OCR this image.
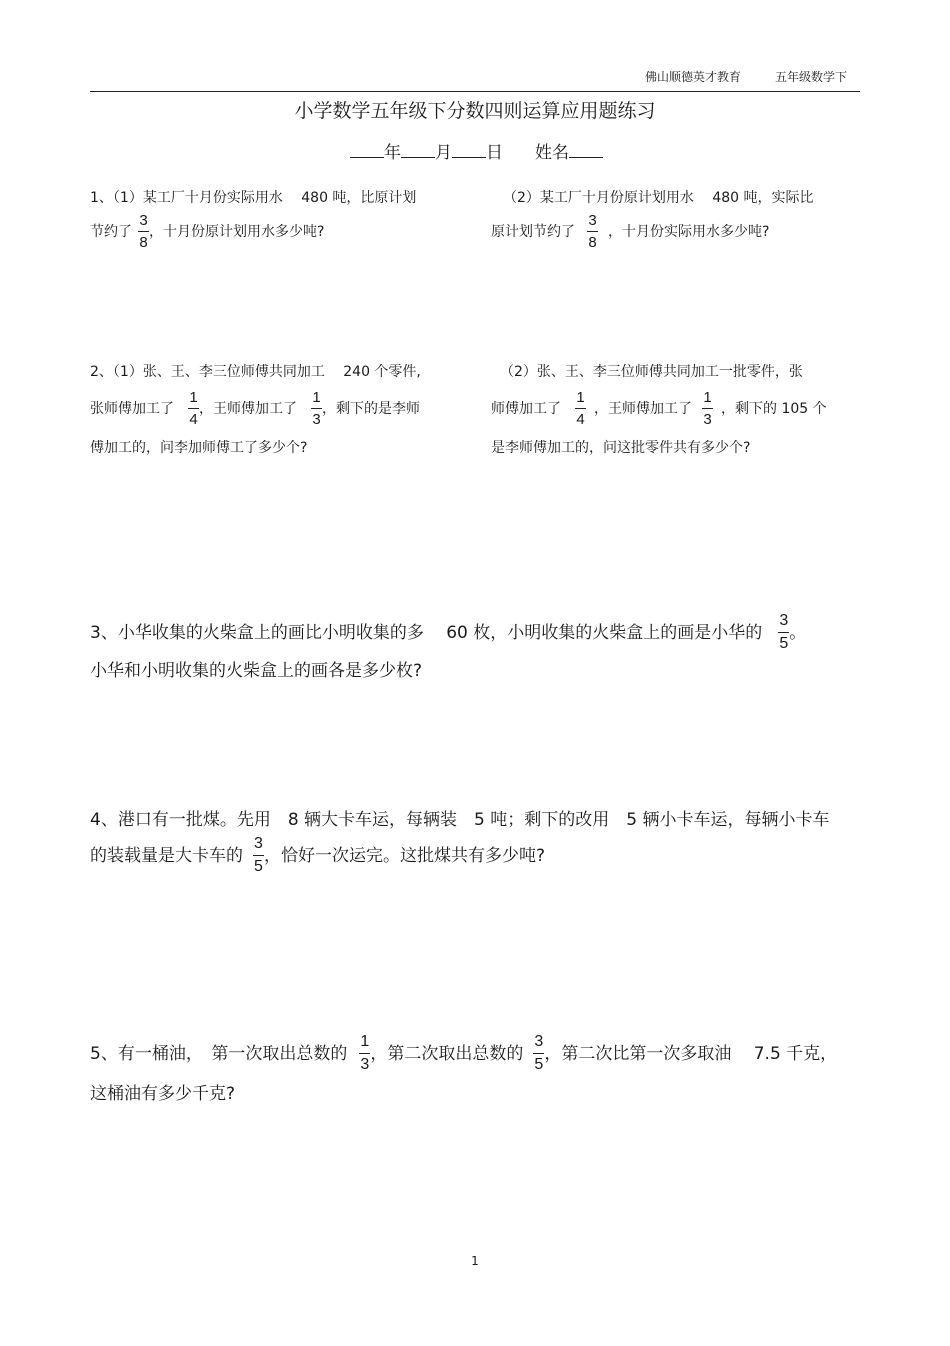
佛山顺德英才教育	五年级数学下
小学数学五年级下分数四则运算应用题练习
年 月 日 姓名
1、（1）某工厂十月份实际用水　 480 吨，比原计划
节约了 $\frac{3}{8}$ ，十月份原计划用水多少吨?
（2）某工厂十月份原计划用水　 480 吨，实际比
原计划节约了 $\frac{3}{8}$ ，十月份实际用水多少吨?
2、（1）张、王、李三位师傅共同加工　 240 个零件,
张师傅加工了 $\frac{1}{4}$ ，王师傅加工了 $\frac{1}{3}$ ，剩下的是李师
傅加工的，问李加师傅工了多少个?
（2）张、王、李三位师傅共同加工一批零件，张
师傅加工了 $\frac{1}{4}$ ，王师傅加工了 $\frac{1}{3}$ ，剩下的 105 个
是李师傅加工的，问这批零件共有多少个?
3、小华收集的火柴盒上的画比小明收集的多　 60 枚，小明收集的火柴盒上的画是小华的 $\frac{3}{5}$ 。
小华和小明收集的火柴盒上的画各是多少枚?
4、港口有一批煤。先用　8 辆大卡车运，每辆装　5 吨；剩下的改用　5 辆小卡车运，每辆小卡车
的装载量是大卡车的 $\frac{3}{5}$ ，恰好一次运完。这批煤共有多少吨?
5、有一桶油，　第一次取出总数的 $\frac{1}{3}$ ，第二次取出总数的 $\frac{3}{5}$ ，第二次比第一次多取油　 7.5 千克，
这桶油有多少千克?
1
